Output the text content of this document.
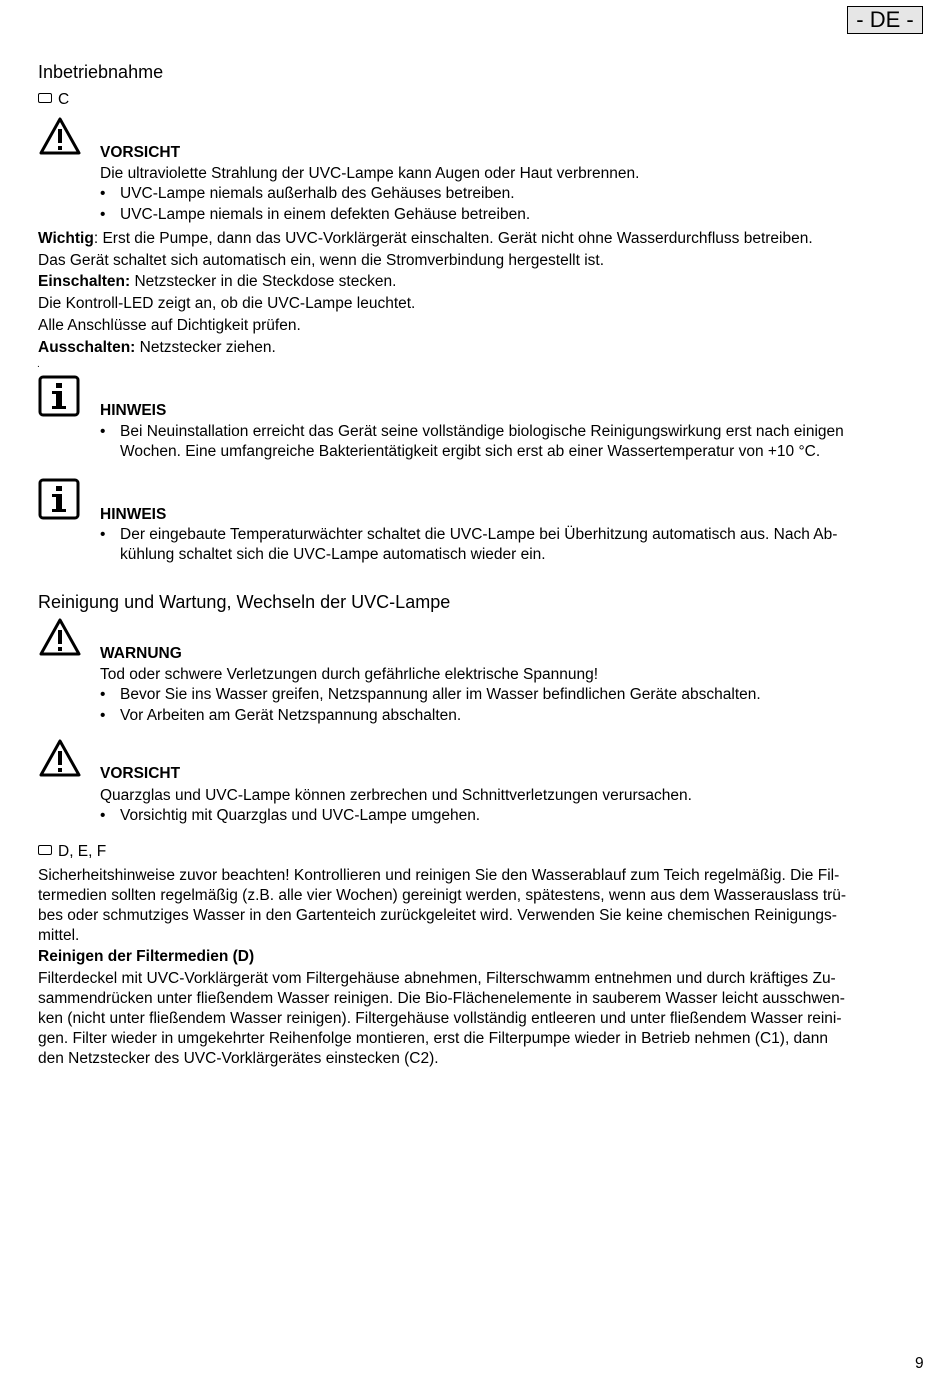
- DE -
Inbetriebnahme
C
VORSICHT
Die ultraviolette Strahlung der UVC-Lampe kann Augen oder Haut verbrennen.
• UVC-Lampe niemals außerhalb des Gehäuses betreiben.
• UVC-Lampe niemals in einem defekten Gehäuse betreiben.
Wichtig: Erst die Pumpe, dann das UVC-Vorklärgerät einschalten. Gerät nicht ohne Wasserdurchfluss betreiben.
Das Gerät schaltet sich automatisch ein, wenn die Stromverbindung hergestellt ist.
Einschalten: Netzstecker in die Steckdose stecken.
Die Kontroll-LED zeigt an, ob die UVC-Lampe leuchtet.
Alle Anschlüsse auf Dichtigkeit prüfen.
Ausschalten: Netzstecker ziehen.
.
HINWEIS
• Bei Neuinstallation erreicht das Gerät seine vollständige biologische Reinigungswirkung erst nach einigen
Wochen. Eine umfangreiche Bakterientätigkeit ergibt sich erst ab einer Wassertemperatur von +10 °C.
HINWEIS
• Der eingebaute Temperaturwächter schaltet die UVC-Lampe bei Überhitzung automatisch aus. Nach Ab-
kühlung schaltet sich die UVC-Lampe automatisch wieder ein.
Reinigung und Wartung, Wechseln der UVC-Lampe
WARNUNG
Tod oder schwere Verletzungen durch gefährliche elektrische Spannung!
• Bevor Sie ins Wasser greifen, Netzspannung aller im Wasser befindlichen Geräte abschalten.
• Vor Arbeiten am Gerät Netzspannung abschalten.
VORSICHT
Quarzglas und UVC-Lampe können zerbrechen und Schnittverletzungen verursachen.
• Vorsichtig mit Quarzglas und UVC-Lampe umgehen.
D, E, F
Sicherheitshinweise zuvor beachten! Kontrollieren und reinigen Sie den Wasserablauf zum Teich regelmäßig. Die Fil-
termedien sollten regelmäßig (z.B. alle vier Wochen) gereinigt werden, spätestens, wenn aus dem Wasserauslass trü-
bes oder schmutziges Wasser in den Gartenteich zurückgeleitet wird. Verwenden Sie keine chemischen Reinigungs-
mittel.
Reinigen der Filtermedien (D)
Filterdeckel mit UVC-Vorklärgerät vom Filtergehäuse abnehmen, Filterschwamm entnehmen und durch kräftiges Zu-
sammendrücken unter fließendem Wasser reinigen. Die Bio-Flächenelemente in sauberem Wasser leicht ausschwen-
ken (nicht unter fließendem Wasser reinigen). Filtergehäuse vollständig entleeren und unter fließendem Wasser reini-
gen. Filter wieder in umgekehrter Reihenfolge montieren, erst die Filterpumpe wieder in Betrieb nehmen (C1), dann
den Netzstecker des UVC-Vorklärgerätes einstecken (C2).
9
